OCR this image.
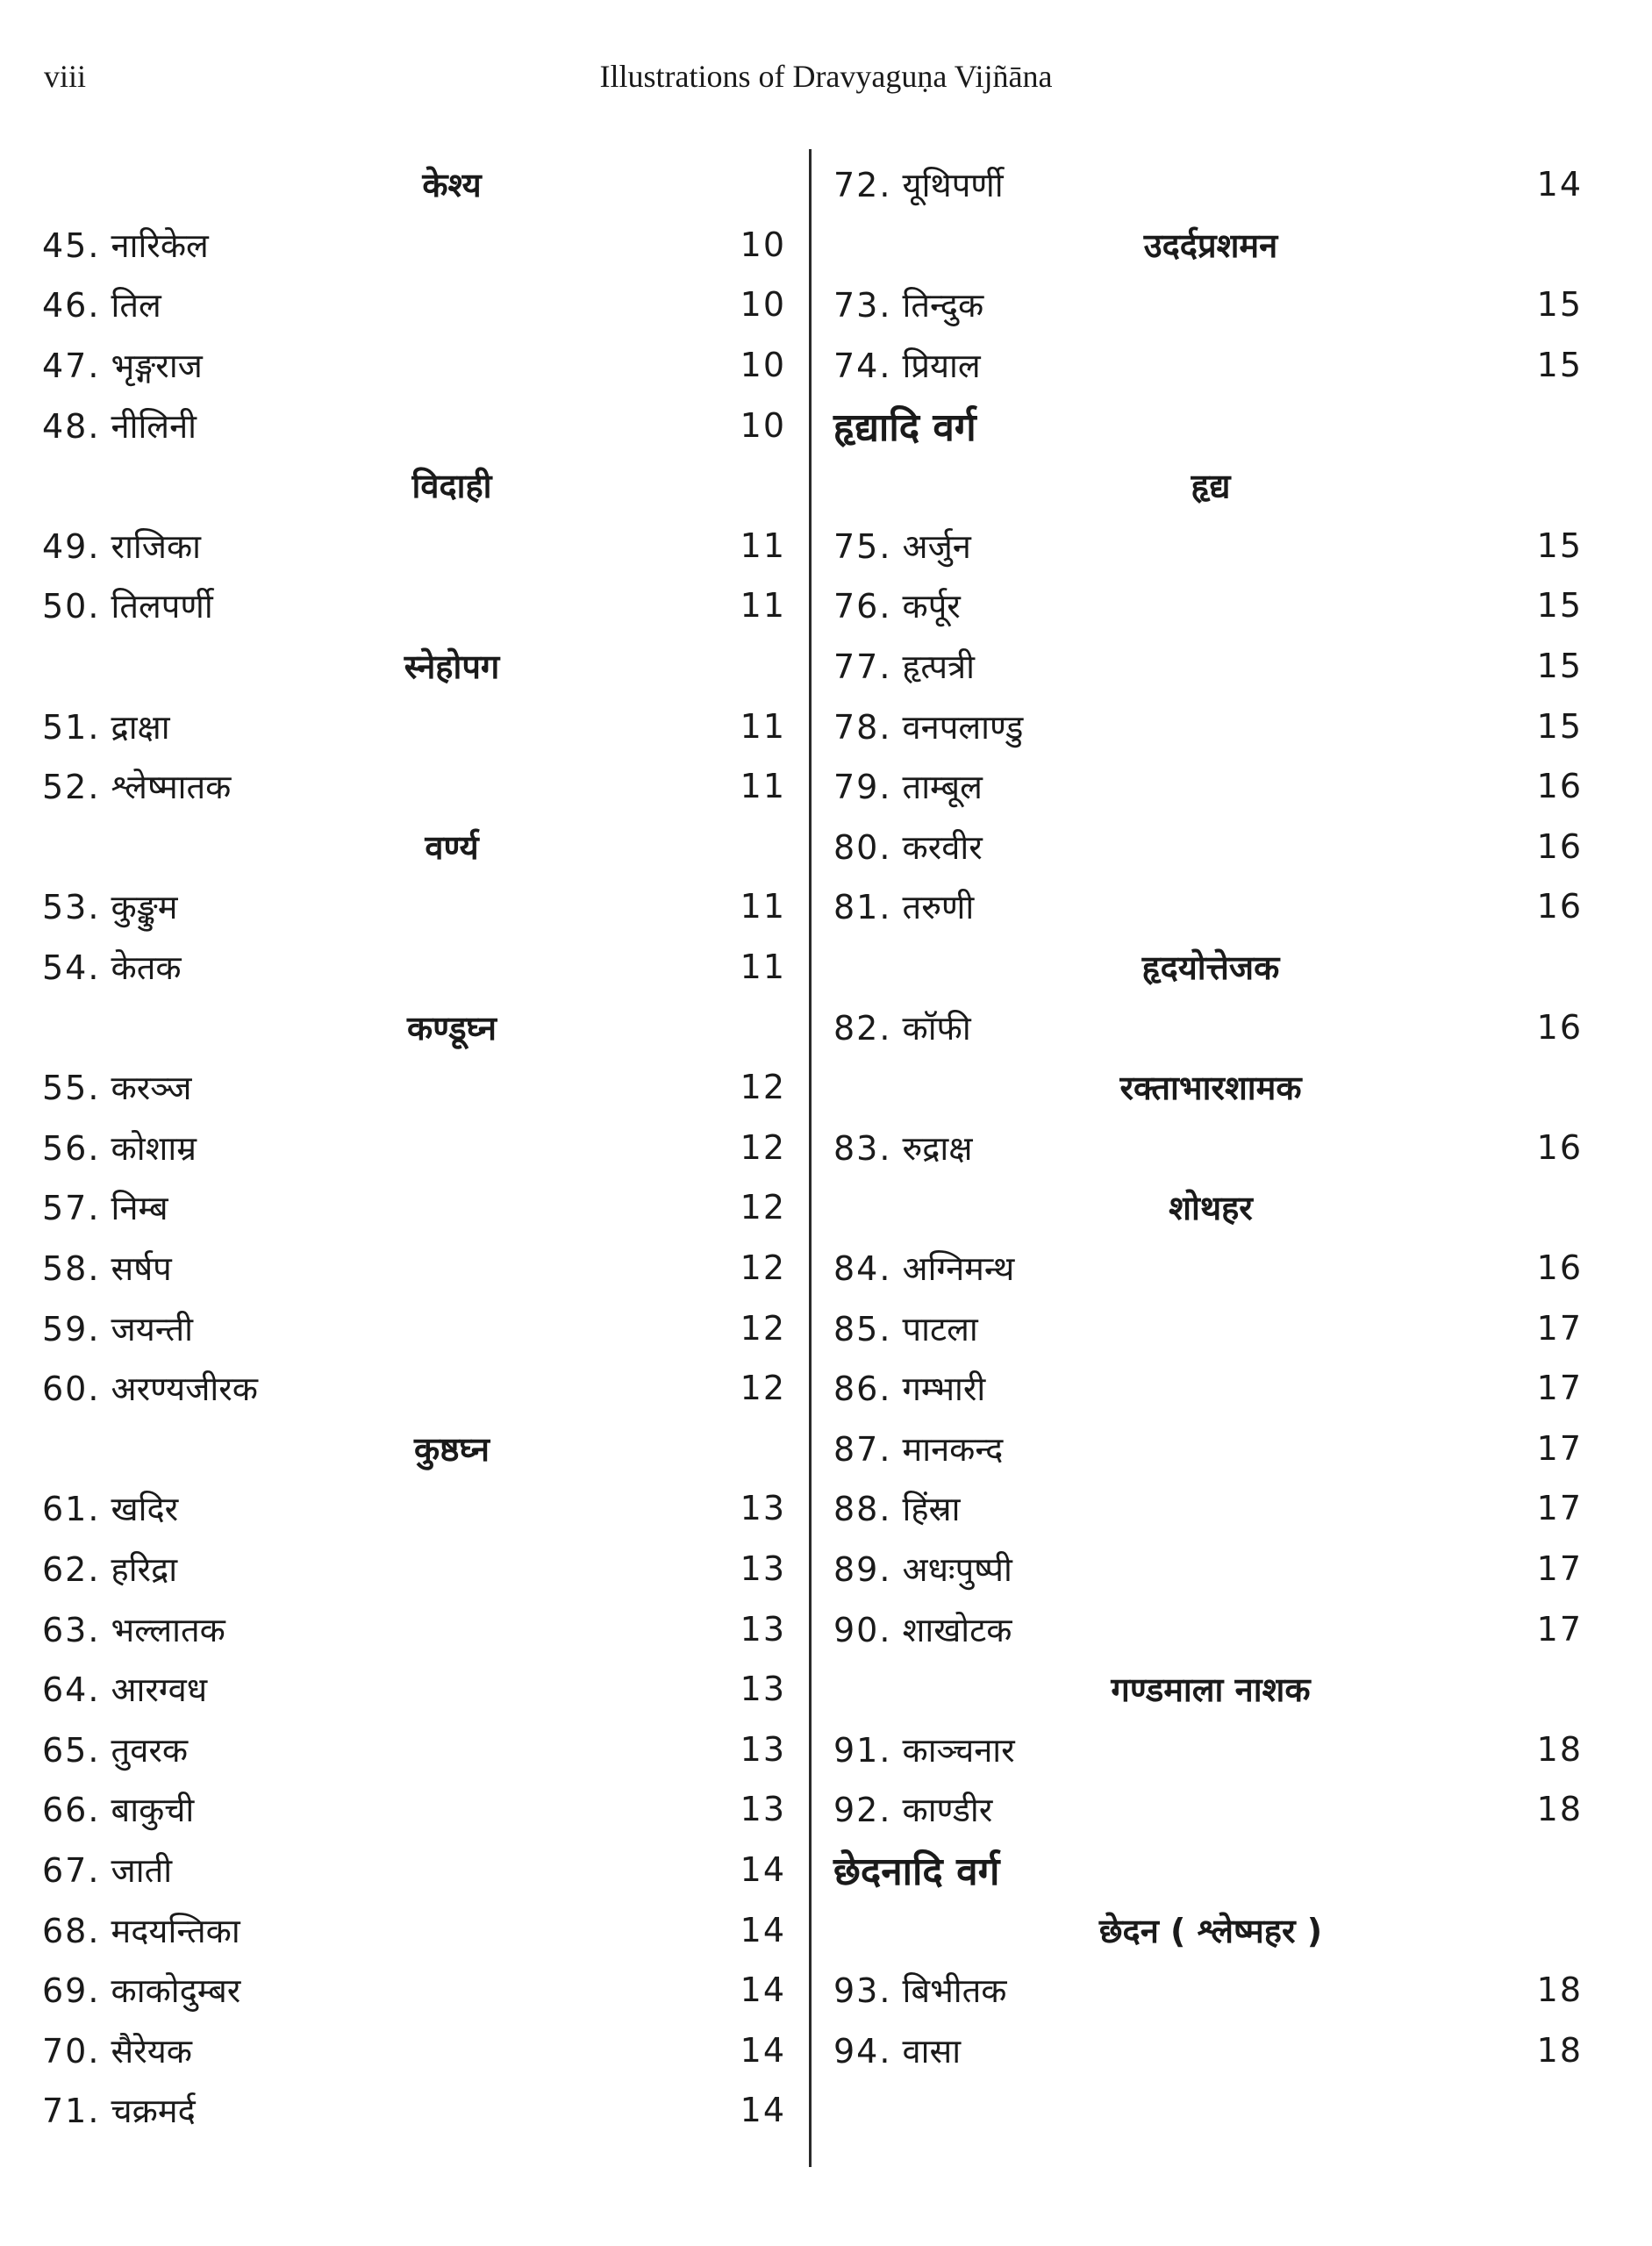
viii	Illustrations of Dravyaguṇa Vijñāna
केश्य
45. नारिकेल	10
46. तिल	10
47. भृङ्गराज	10
48. नीलिनी	10
विदाही
49. राजिका	11
50. तिलपर्णी	11
स्नेहोपग
51. द्राक्षा	11
52. श्लेष्मातक	11
वर्ण्य
53. कुङ्कुम	11
54. केतक	11
कण्डूघ्न
55. करञ्ज	12
56. कोशाम्र	12
57. निम्ब	12
58. सर्षप	12
59. जयन्ती	12
60. अरण्यजीरक	12
कुष्ठघ्न
61. खदिर	13
62. हरिद्रा	13
63. भल्लातक	13
64. आरग्वध	13
65. तुवरक	13
66. बाकुची	13
67. जाती	14
68. मदयन्तिका	14
69. काकोदुम्बर	14
70. सैरेयक	14
71. चक्रमर्द	14
72. यूथिपर्णी	14
उदर्दप्रशमन
73. तिन्दुक	15
74. प्रियाल	15
हृद्यादि वर्ग
हृद्य
75. अर्जुन	15
76. कर्पूर	15
77. हृत्पत्री	15
78. वनपलाण्डु	15
79. ताम्बूल	16
80. करवीर	16
81. तरुणी	16
हृदयोत्तेजक
82. कॉफी	16
रक्ताभारशामक
83. रुद्राक्ष	16
शोथहर
84. अग्निमन्थ	16
85. पाटला	17
86. गम्भारी	17
87. मानकन्द	17
88. हिंस्रा	17
89. अधःपुष्पी	17
90. शाखोटक	17
गण्डमाला नाशक
91. काञ्चनार	18
92. काण्डीर	18
छेदनादि वर्ग
छेदन ( श्लेष्महर )
93. बिभीतक	18
94. वासा	18
